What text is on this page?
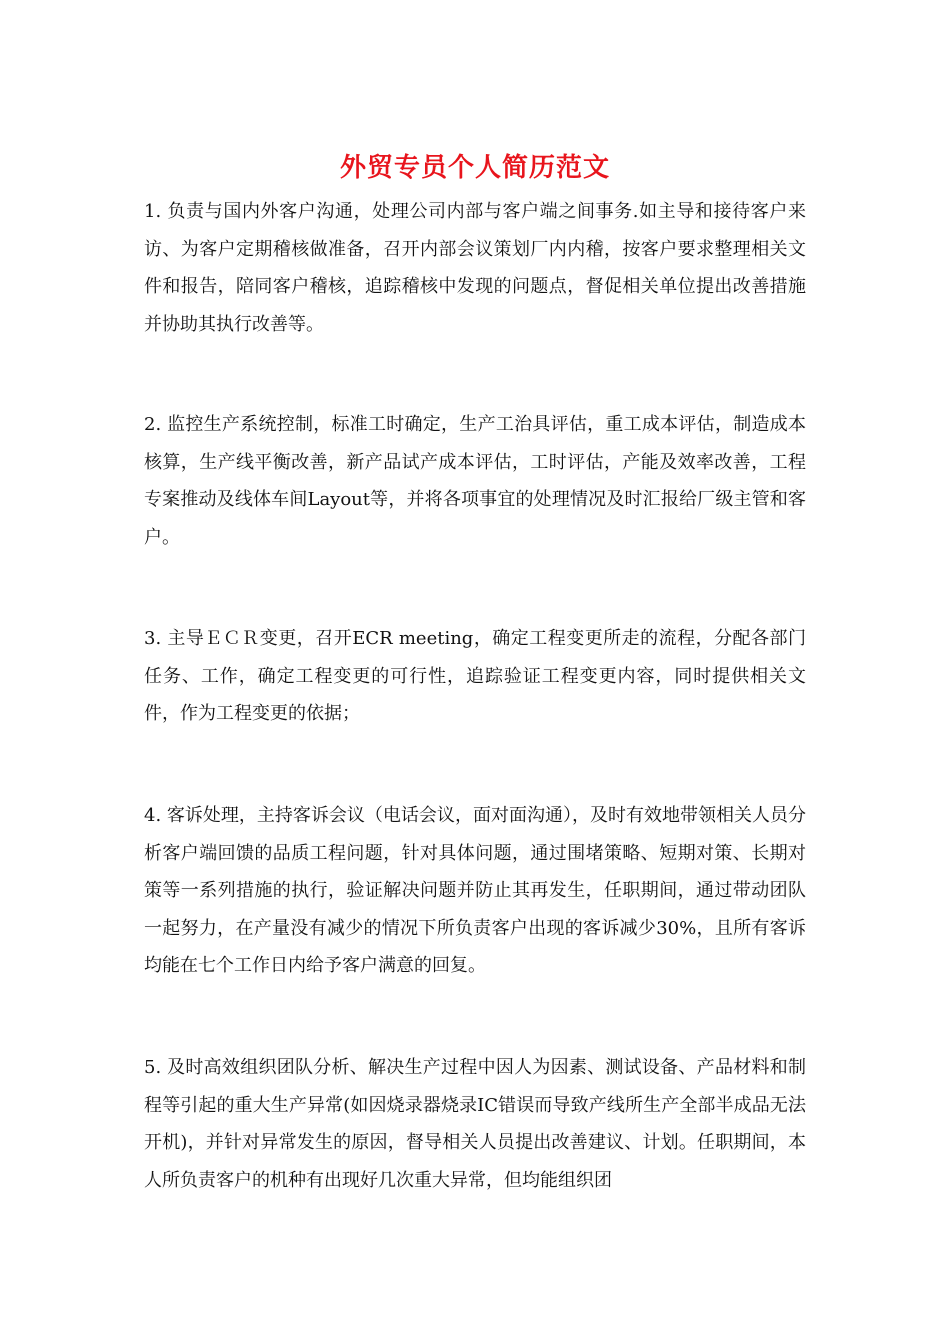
外贸专员个人简历范文

1. 负责与国内外客户沟通，处理公司内部与客户端之间事务.如主导和接待客户来访、为客户定期稽核做准备，召开内部会议策划厂内内稽，按客户要求整理相关文件和报告，陪同客户稽核，追踪稽核中发现的问题点，督促相关单位提出改善措施并协助其执行改善等。

2. 监控生产系统控制，标准工时确定，生产工治具评估，重工成本评估，制造成本核算，生产线平衡改善，新产品试产成本评估，工时评估，产能及效率改善，工程专案推动及线体车间Layout等，并将各项事宜的处理情况及时汇报给厂级主管和客户。

3. 主导ＥＣＲ变更，召开ECR meeting，确定工程变更所走的流程，分配各部门任务、工作，确定工程变更的可行性，追踪验证工程变更内容，同时提供相关文件，作为工程变更的依据；

4. 客诉处理，主持客诉会议（电话会议，面对面沟通），及时有效地带领相关人员分析客户端回馈的品质工程问题，针对具体问题，通过围堵策略、短期对策、长期对策等一系列措施的执行，验证解决问题并防止其再发生，任职期间，通过带动团队一起努力，在产量没有减少的情况下所负责客户出现的客诉减少30%，且所有客诉均能在七个工作日内给予客户满意的回复。

5. 及时高效组织团队分析、解决生产过程中因人为因素、测试设备、产品材料和制程等引起的重大生产异常(如因烧录器烧录IC错误而导致产线所生产全部半成品无法开机)，并针对异常发生的原因，督导相关人员提出改善建议、计划。任职期间，本人所负责客户的机种有出现好几次重大异常，但均能组织团
